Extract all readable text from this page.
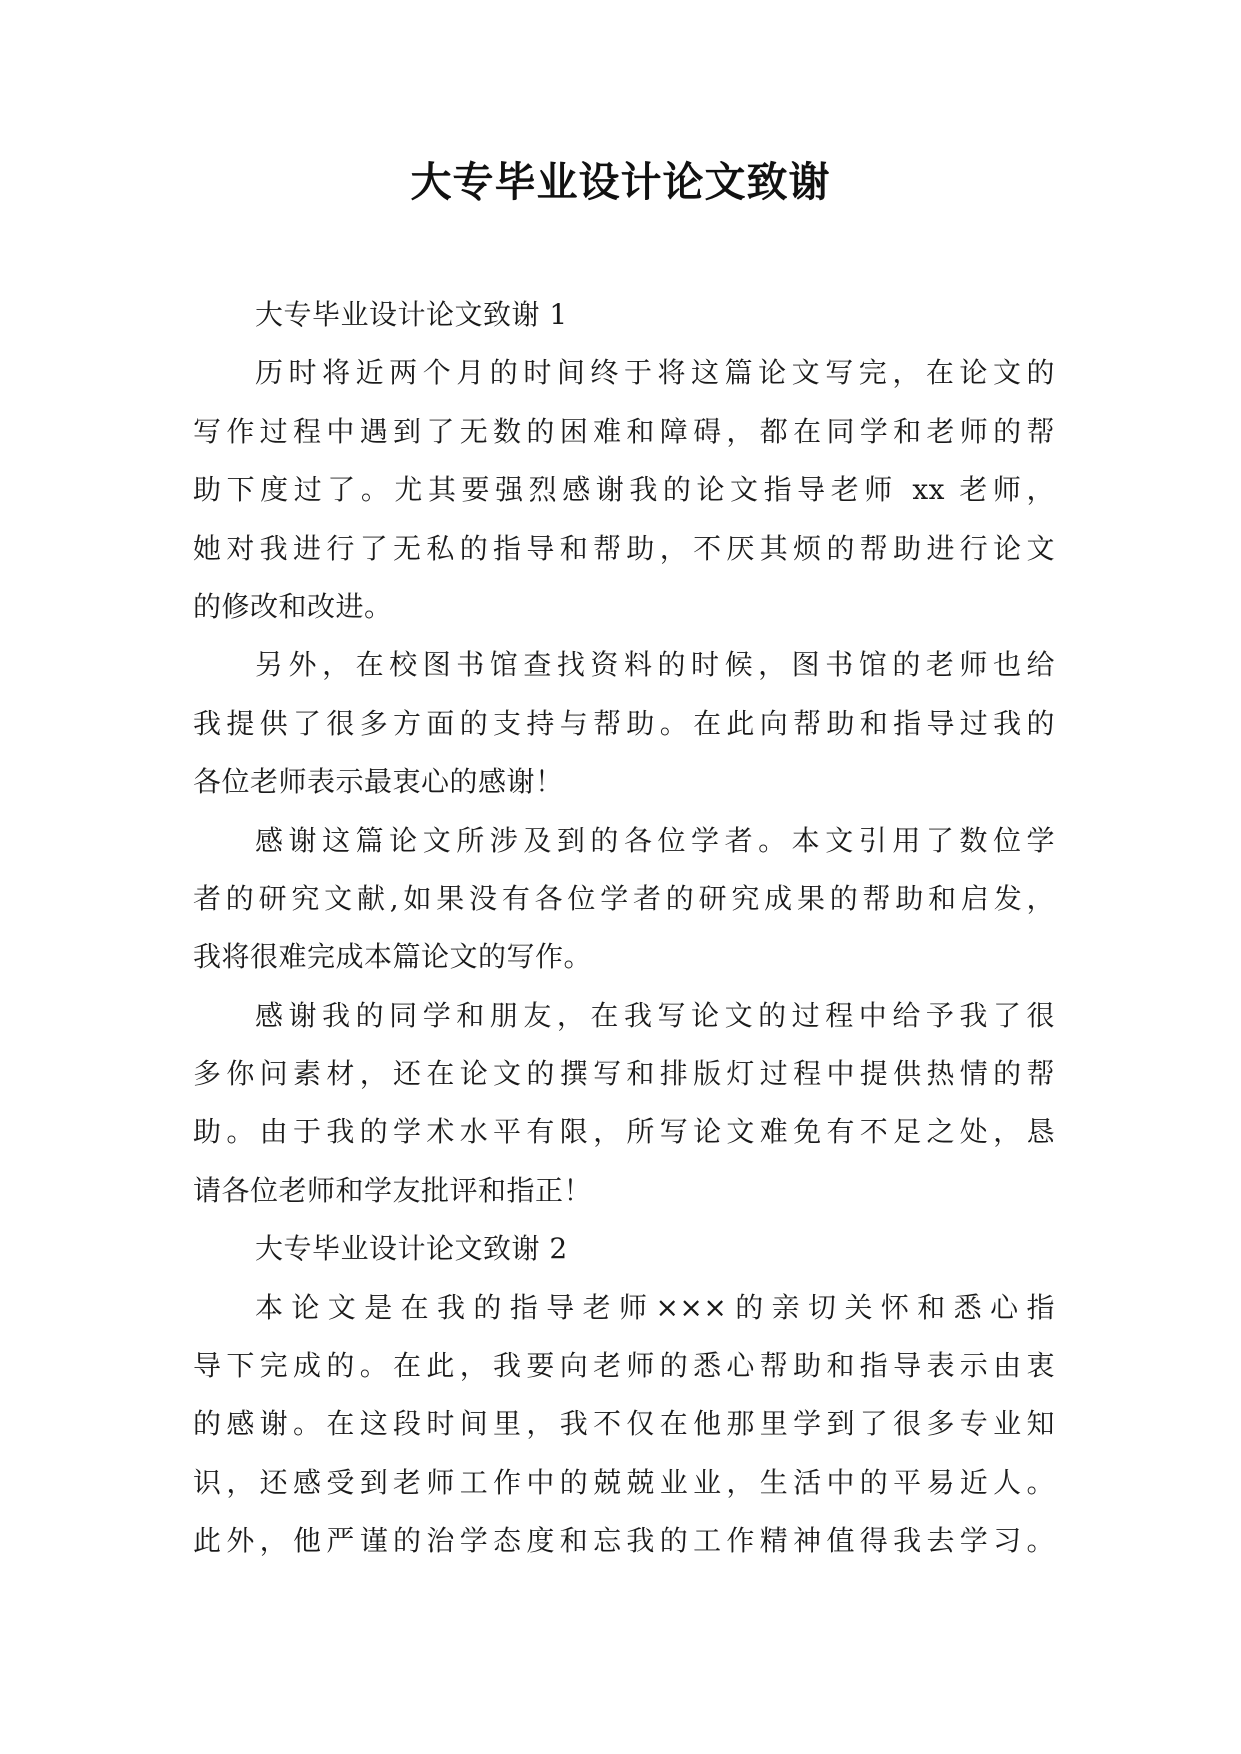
大专毕业设计论文致谢
大专毕业设计论文致谢 1
历时将近两个月的时间终于将这篇论文写完，在论文的
写作过程中遇到了无数的困难和障碍，都在同学和老师的帮
助下度过了。尤其要强烈感谢我的论文指导老师 xx 老师，
她对我进行了无私的指导和帮助，不厌其烦的帮助进行论文
的修改和改进。
另外，在校图书馆查找资料的时候，图书馆的老师也给
我提供了很多方面的支持与帮助。在此向帮助和指导过我的
各位老师表示最衷心的感谢！
感谢这篇论文所涉及到的各位学者。本文引用了数位学
者的研究文献,如果没有各位学者的研究成果的帮助和启发，
我将很难完成本篇论文的写作。
感谢我的同学和朋友，在我写论文的过程中给予我了很
多你问素材，还在论文的撰写和排版灯过程中提供热情的帮
助。由于我的学术水平有限，所写论文难免有不足之处，恳
请各位老师和学友批评和指正！
大专毕业设计论文致谢 2
本论文是在我的指导老师×××的亲切关怀和悉心指
导下完成的。在此，我要向老师的悉心帮助和指导表示由衷
的感谢。在这段时间里，我不仅在他那里学到了很多专业知
识，还感受到老师工作中的兢兢业业，生活中的平易近人。
此外，他严谨的治学态度和忘我的工作精神值得我去学习。
